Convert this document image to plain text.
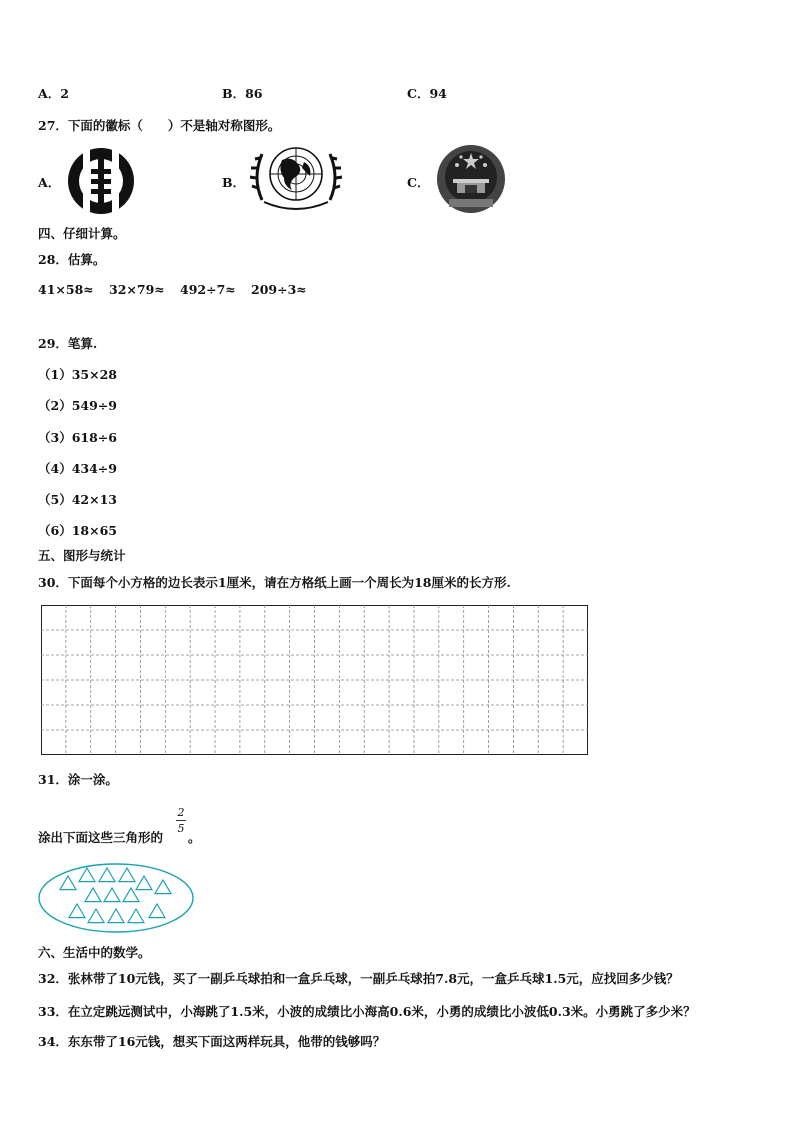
A．2	B．86	C．94
27．下面的徽标（　　）不是轴对称图形。
A．	B．	C．
四、仔细计算。
28．估算。
41×58≈ 32×79≈ 492÷7≈ 209÷3≈
29．笔算.
（1）35×28
（2）549÷9
（3）618÷6
（4）434÷9
（5）42×13
（6）18×65
五、图形与统计
30．下面每个小方格的边长表示1厘米，请在方格纸上画一个周长为18厘米的长方形.
31．涂一涂。
涂出下面这些三角形的
2
5
。
六、生活中的数学。
32．张林带了10元钱，买了一副乒乓球拍和一盒乒乓球，一副乒乓球拍7.8元，一盒乒乓球1.5元，应找回多少钱？
33．在立定跳远测试中，小海跳了1.5米，小波的成绩比小海高0.6米，小勇的成绩比小波低0.3米。小勇跳了多少米？
34．东东带了16元钱，想买下面这两样玩具，他带的钱够吗？
